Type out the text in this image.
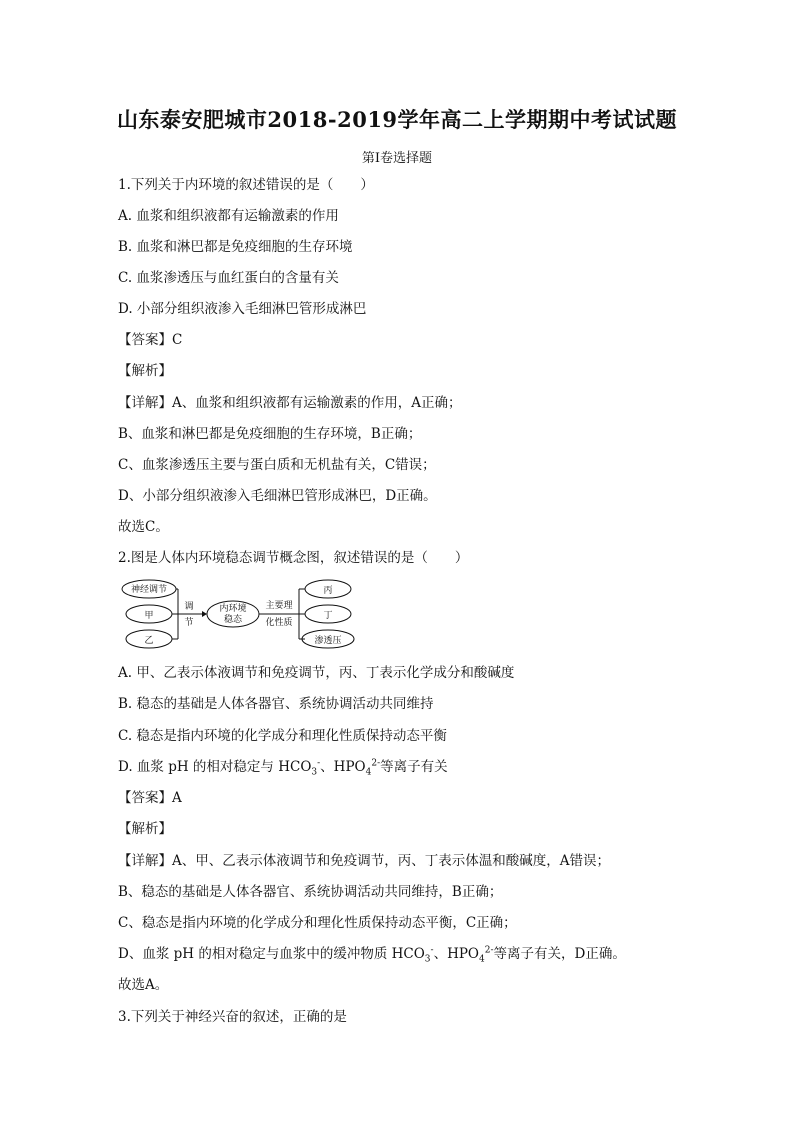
山东泰安肥城市2018-2019学年高二上学期期中考试试题
第Ⅰ卷选择题
1.下列关于内环境的叙述错误的是（　　）
A. 血浆和组织液都有运输激素的作用
B. 血浆和淋巴都是免疫细胞的生存环境
C. 血浆渗透压与血红蛋白的含量有关
D. 小部分组织液渗入毛细淋巴管形成淋巴
【答案】C
【解析】
【详解】A、血浆和组织液都有运输激素的作用，A正确；
B、血浆和淋巴都是免疫细胞的生存环境，B正确；
C、血浆渗透压主要与蛋白质和无机盐有关，C错误；
D、小部分组织液渗入毛细淋巴管形成淋巴，D正确。
故选C。
2.图是人体内环境稳态调节概念图，叙述错误的是（　　）
神经调节
甲
乙
调
节
内环境
稳态
主要理
化性质
丙
丁
渗透压
A. 甲、乙表示体液调节和免疫调节，丙、丁表示化学成分和酸碱度
B. 稳态的基础是人体各器官、系统协调活动共同维持
C. 稳态是指内环境的化学成分和理化性质保持动态平衡
D. 血浆 pH 的相对稳定与 $HCO_3^-$、$HPO_4^{2-}$等离子有关
【答案】A
【解析】
【详解】A、甲、乙表示体液调节和免疫调节，丙、丁表示体温和酸碱度，A错误；
B、稳态的基础是人体各器官、系统协调活动共同维持，B正确；
C、稳态是指内环境的化学成分和理化性质保持动态平衡，C正确；
D、血浆 pH 的相对稳定与血浆中的缓冲物质 $HCO_3^-$、$HPO_4^{2-}$等离子有关，D正确。
故选A。
3.下列关于神经兴奋的叙述，正确的是
